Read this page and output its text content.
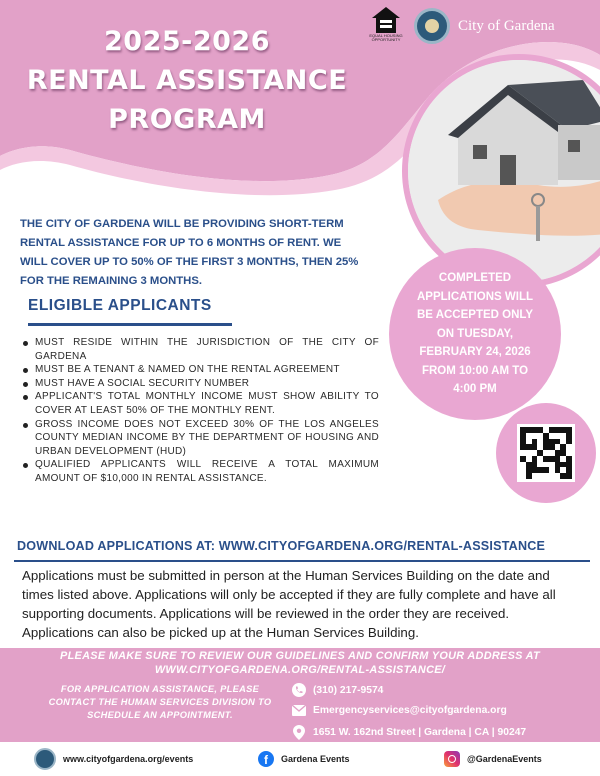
2025-2026
RENTAL ASSISTANCE
PROGRAM
EQUAL HOUSING OPPORTUNITY
City of Gardena
THE CITY OF GARDENA WILL BE PROVIDING SHORT-TERM RENTAL ASSISTANCE FOR UP TO 6 MONTHS OF RENT. WE WILL COVER UP TO 50% OF THE FIRST 3 MONTHS, THEN 25% FOR THE REMAINING 3 MONTHS.
ELIGIBLE APPLICANTS
MUST RESIDE WITHIN THE JURISDICTION OF THE CITY OF GARDENA
MUST BE A TENANT & NAMED ON THE RENTAL AGREEMENT
MUST HAVE A SOCIAL SECURITY NUMBER
APPLICANT'S TOTAL MONTHLY INCOME MUST SHOW ABILITY TO COVER AT LEAST 50% OF THE MONTHLY RENT.
GROSS INCOME DOES NOT EXCEED 30% OF THE LOS ANGELES COUNTY MEDIAN INCOME BY THE DEPARTMENT OF HOUSING AND URBAN DEVELOPMENT (HUD)
QUALIFIED APPLICANTS WILL RECEIVE A TOTAL MAXIMUM AMOUNT OF $10,000 IN RENTAL ASSISTANCE.
COMPLETED APPLICATIONS WILL BE ACCEPTED ONLY ON TUESDAY, FEBRUARY 24, 2026 FROM 10:00 AM TO 4:00 PM
DOWNLOAD APPLICATIONS AT: WWW.CITYOFGARDENA.ORG/RENTAL-ASSISTANCE
Applications must be submitted in person at the Human Services Building on the date and times listed above. Applications will only be accepted if they are fully complete and have all supporting documents. Applications will be reviewed in the order they are received. Applications can also be picked up at the Human Services Building.
PLEASE MAKE SURE TO REVIEW OUR GUIDELINES AND CONFIRM YOUR ADDRESS AT WWW.CITYOFGARDENA.ORG/RENTAL-ASSISTANCE/
FOR APPLICATION ASSISTANCE, PLEASE CONTACT THE HUMAN SERVICES DIVISION TO SCHEDULE AN APPOINTMENT.
(310) 217-9574
Emergencyservices@cityofgardena.org
1651 W. 162nd Street | Gardena | CA | 90247
www.cityofgardena.org/events	f	Gardena Events	@GardenaEvents
